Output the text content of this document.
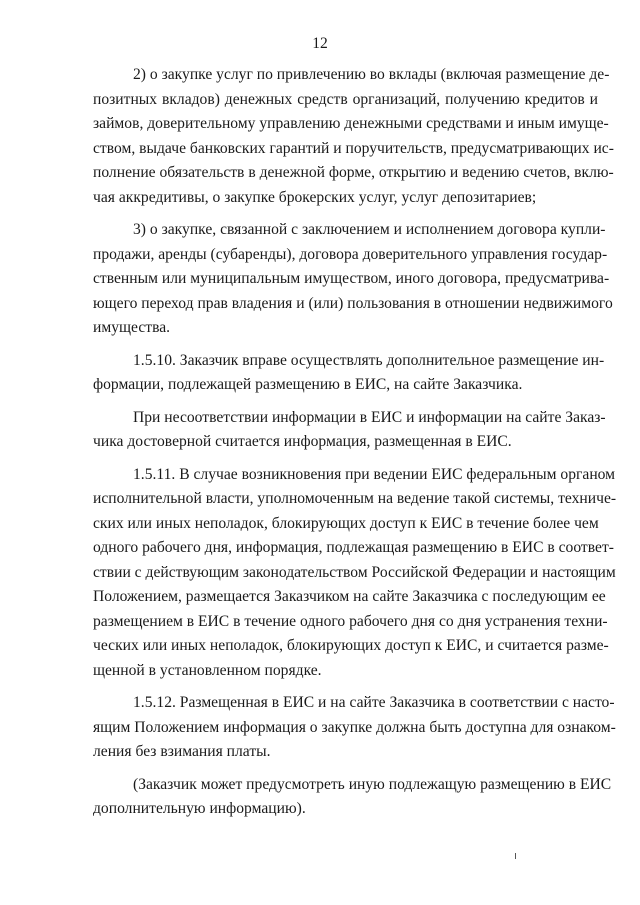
12
2) о закупке услуг по привлечению во вклады (включая размещение де-
позитных вкладов) денежных средств организаций, получению кредитов и
займов, доверительному управлению денежными средствами и иным имуще-
ством, выдаче банковских гарантий и поручительств, предусматривающих ис-
полнение обязательств в денежной форме, открытию и ведению счетов, вклю-
чая аккредитивы, о закупке брокерских услуг, услуг депозитариев;
3) о закупке, связанной с заключением и исполнением договора купли-
продажи, аренды (субаренды), договора доверительного управления государ-
ственным или муниципальным имуществом, иного договора, предусматрива-
ющего переход прав владения и (или) пользования в отношении недвижимого
имущества.
1.5.10. Заказчик вправе осуществлять дополнительное размещение ин-
формации, подлежащей размещению в ЕИС, на сайте Заказчика.
При несоответствии информации в ЕИС и информации на сайте Заказ-
чика достоверной считается информация, размещенная в ЕИС.
1.5.11. В случае возникновения при ведении ЕИС федеральным органом
исполнительной власти, уполномоченным на ведение такой системы, техниче-
ских или иных неполадок, блокирующих доступ к ЕИС в течение более чем
одного рабочего дня, информация, подлежащая размещению в ЕИС в соответ-
ствии с действующим законодательством Российской Федерации и настоящим
Положением, размещается Заказчиком на сайте Заказчика с последующим ее
размещением в ЕИС в течение одного рабочего дня со дня устранения техни-
ческих или иных неполадок, блокирующих доступ к ЕИС, и считается разме-
щенной в установленном порядке.
1.5.12. Размещенная в ЕИС и на сайте Заказчика в соответствии с насто-
ящим Положением информация о закупке должна быть доступна для ознаком-
ления без взимания платы.
(Заказчик может предусмотреть иную подлежащую размещению в ЕИС
дополнительную информацию).
